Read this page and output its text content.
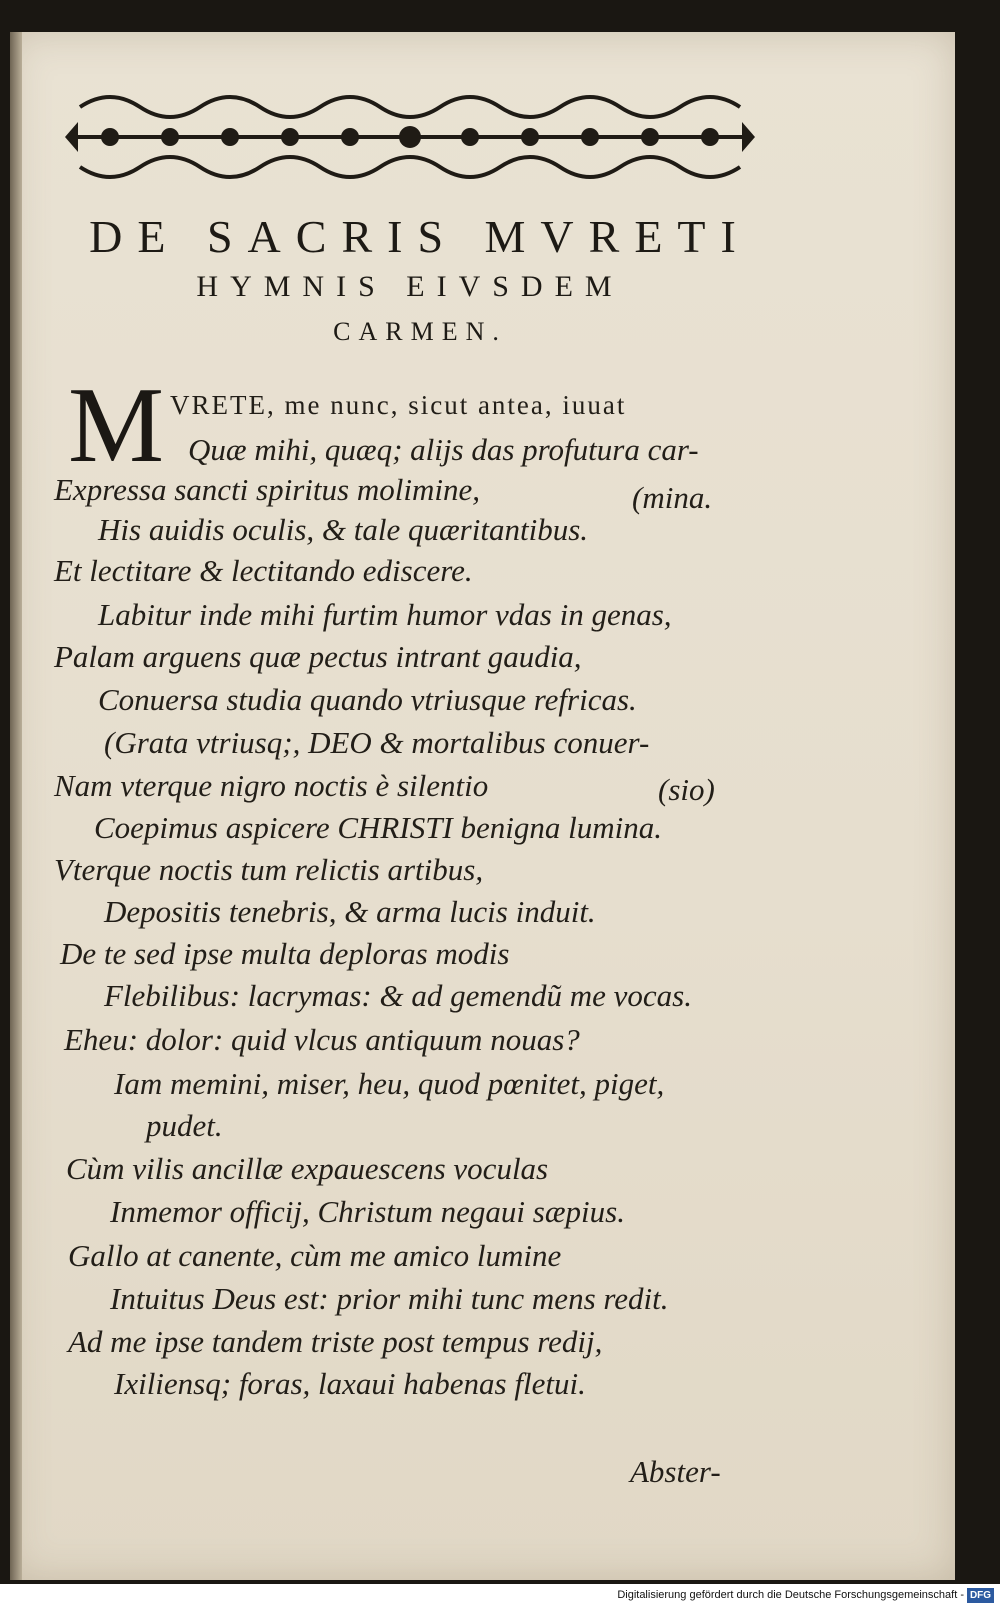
DE SACRIS MVRETI
HYMNIS EIVSDEM
CARMEN.
M VRETE, me nunc, sicut antea, iuuat
Quæ mihi, quæq; alijs das profutura car-
Expressa sancti spiritus molimine,	(mina.
His auidis oculis, & tale quæritantibus.
Et lectitare & lectitando ediscere.
Labitur inde mihi furtim humor vdas in genas,
Palam arguens quæ pectus intrant gaudia,
Conuersa studia quando vtriusque refricas.
(Grata vtriusq;, DEO & mortalibus conuer-
Nam vterque nigro noctis è silentio	(sio)
Coepimus aspicere CHRISTI benigna lumina.
Vterque noctis tum relictis artibus,
Depositis tenebris, & arma lucis induit.
De te sed ipse multa deploras modis
Flebilibus: lacrymas: & ad gemendũ me vocas.
Eheu: dolor: quid vlcus antiquum nouas?
Iam memini, miser, heu, quod pœnitet, piget,
pudet.
Cùm vilis ancillæ expauescens voculas
Inmemor officij, Christum negaui sæpius.
Gallo at canente, cùm me amico lumine
Intuitus Deus est: prior mihi tunc mens redit.
Ad me ipse tandem triste post tempus redij,
Ixiliensq; foras, laxaui habenas fletui.
Abster-
Digitalisierung gefördert durch die Deutsche Forschungsgemeinschaft - DFG
